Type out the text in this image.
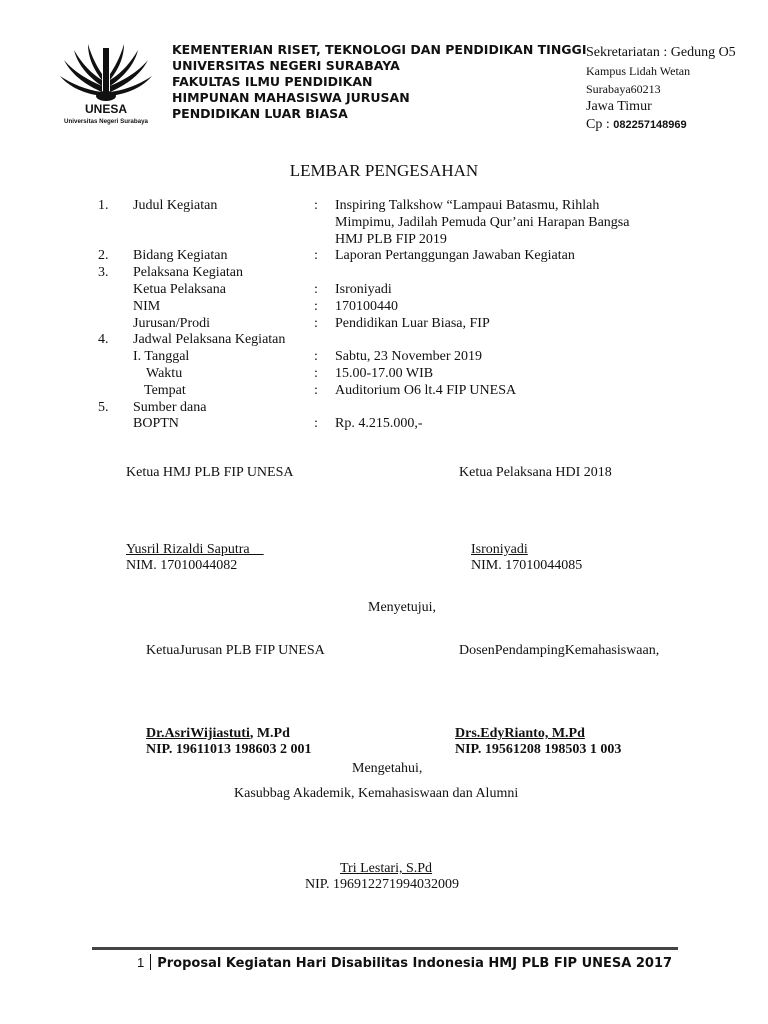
UNESA
Universitas Negeri Surabaya
KEMENTERIAN RISET, TEKNOLOGI DAN PENDIDIKAN TINGGI
UNIVERSITAS NEGERI SURABAYA
FAKULTAS ILMU PENDIDIKAN
HIMPUNAN MAHASISWA JURUSAN
PENDIDIKAN LUAR BIASA
Sekretariatan : Gedung O5
Kampus Lidah Wetan
Surabaya60213
Jawa Timur
Cp : 082257148969
LEMBAR PENGESAHAN
1. Judul Kegiatan	: Inspiring Talkshow “Lampaui Batasmu, Rihlah
Mimpimu, Jadilah Pemuda Qur’ani Harapan Bangsa
HMJ PLB FIP 2019
2. Bidang Kegiatan	: Laporan Pertanggungan Jawaban Kegiatan
3. Pelaksana Kegiatan
Ketua Pelaksana	: Isroniyadi
NIM	: 170100440
Jurusan/Prodi	: Pendidikan Luar Biasa, FIP
4. Jadwal Pelaksana Kegiatan
I. Tanggal	: Sabtu, 23 November 2019
Waktu	: 15.00-17.00 WIB
Tempat	: Auditorium O6 lt.4 FIP UNESA
5. Sumber dana
BOPTN	: Rp. 4.215.000,-
Ketua HMJ PLB FIP UNESA	Ketua Pelaksana HDI 2018
Yusril Rizaldi Saputra
NIM. 17010044082
Isroniyadi
NIM. 17010044085
Menyetujui,
KetuaJurusan PLB FIP UNESA	DosenPendampingKemahasiswaan,
Dr.AsriWijiastuti, M.Pd
NIP. 19611013 198603 2 001
Drs.EdyRianto, M.Pd
NIP. 19561208 198503 1 003
Mengetahui,
Kasubbag Akademik, Kemahasiswaan dan Alumni
Tri Lestari, S.Pd
NIP. 196912271994032009
1 Proposal Kegiatan Hari Disabilitas Indonesia HMJ PLB FIP UNESA 2017
